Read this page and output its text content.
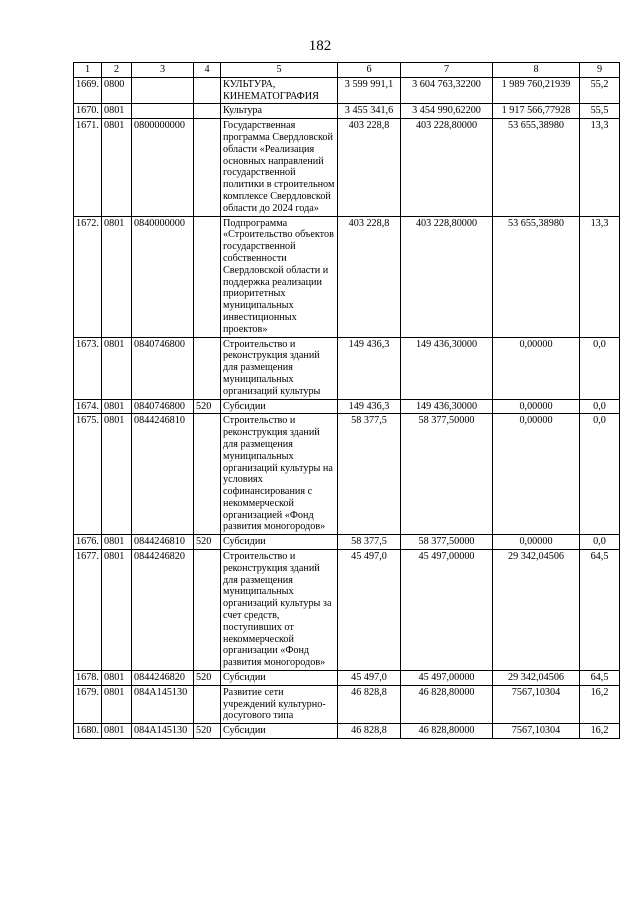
182
1	2	3	4	5	6	7	8	9
1669.	0800			КУЛЬТУРА, КИНЕМАТОГРАФИЯ	3 599 991,1	3 604 763,32200	1 989 760,21939	55,2
1670.	0801			Культура	3 455 341,6	3 454 990,62200	1 917 566,77928	55,5
1671.	0801	0800000000		Государственная программа Свердловской области «Реализация основных направлений государственной политики в строительном комплексе Свердловской области до 2024 года»	403 228,8	403 228,80000	53 655,38980	13,3
1672.	0801	0840000000		Подпрограмма «Строительство объектов государственной собственности Свердловской области и поддержка реализации приоритетных муниципальных инвестиционных проектов»	403 228,8	403 228,80000	53 655,38980	13,3
1673.	0801	0840746800		Строительство и реконструкция зданий для размещения муниципальных организаций культуры	149 436,3	149 436,30000	0,00000	0,0
1674.	0801	0840746800	520	Субсидии	149 436,3	149 436,30000	0,00000	0,0
1675.	0801	0844246810		Строительство и реконструкция зданий для размещения муниципальных организаций культуры на условиях софинансирования с некоммерческой организацией «Фонд развития моногородов»	58 377,5	58 377,50000	0,00000	0,0
1676.	0801	0844246810	520	Субсидии	58 377,5	58 377,50000	0,00000	0,0
1677.	0801	0844246820		Строительство и реконструкция зданий для размещения муниципальных организаций культуры за счет средств, поступивших от некоммерческой организации «Фонд развития моногородов»	45 497,0	45 497,00000	29 342,04506	64,5
1678.	0801	0844246820	520	Субсидии	45 497,0	45 497,00000	29 342,04506	64,5
1679.	0801	084A145130		Развитие сети учреждений культурно-досугового типа	46 828,8	46 828,80000	7567,10304	16,2
1680.	0801	084A145130	520	Субсидии	46 828,8	46 828,80000	7567,10304	16,2
